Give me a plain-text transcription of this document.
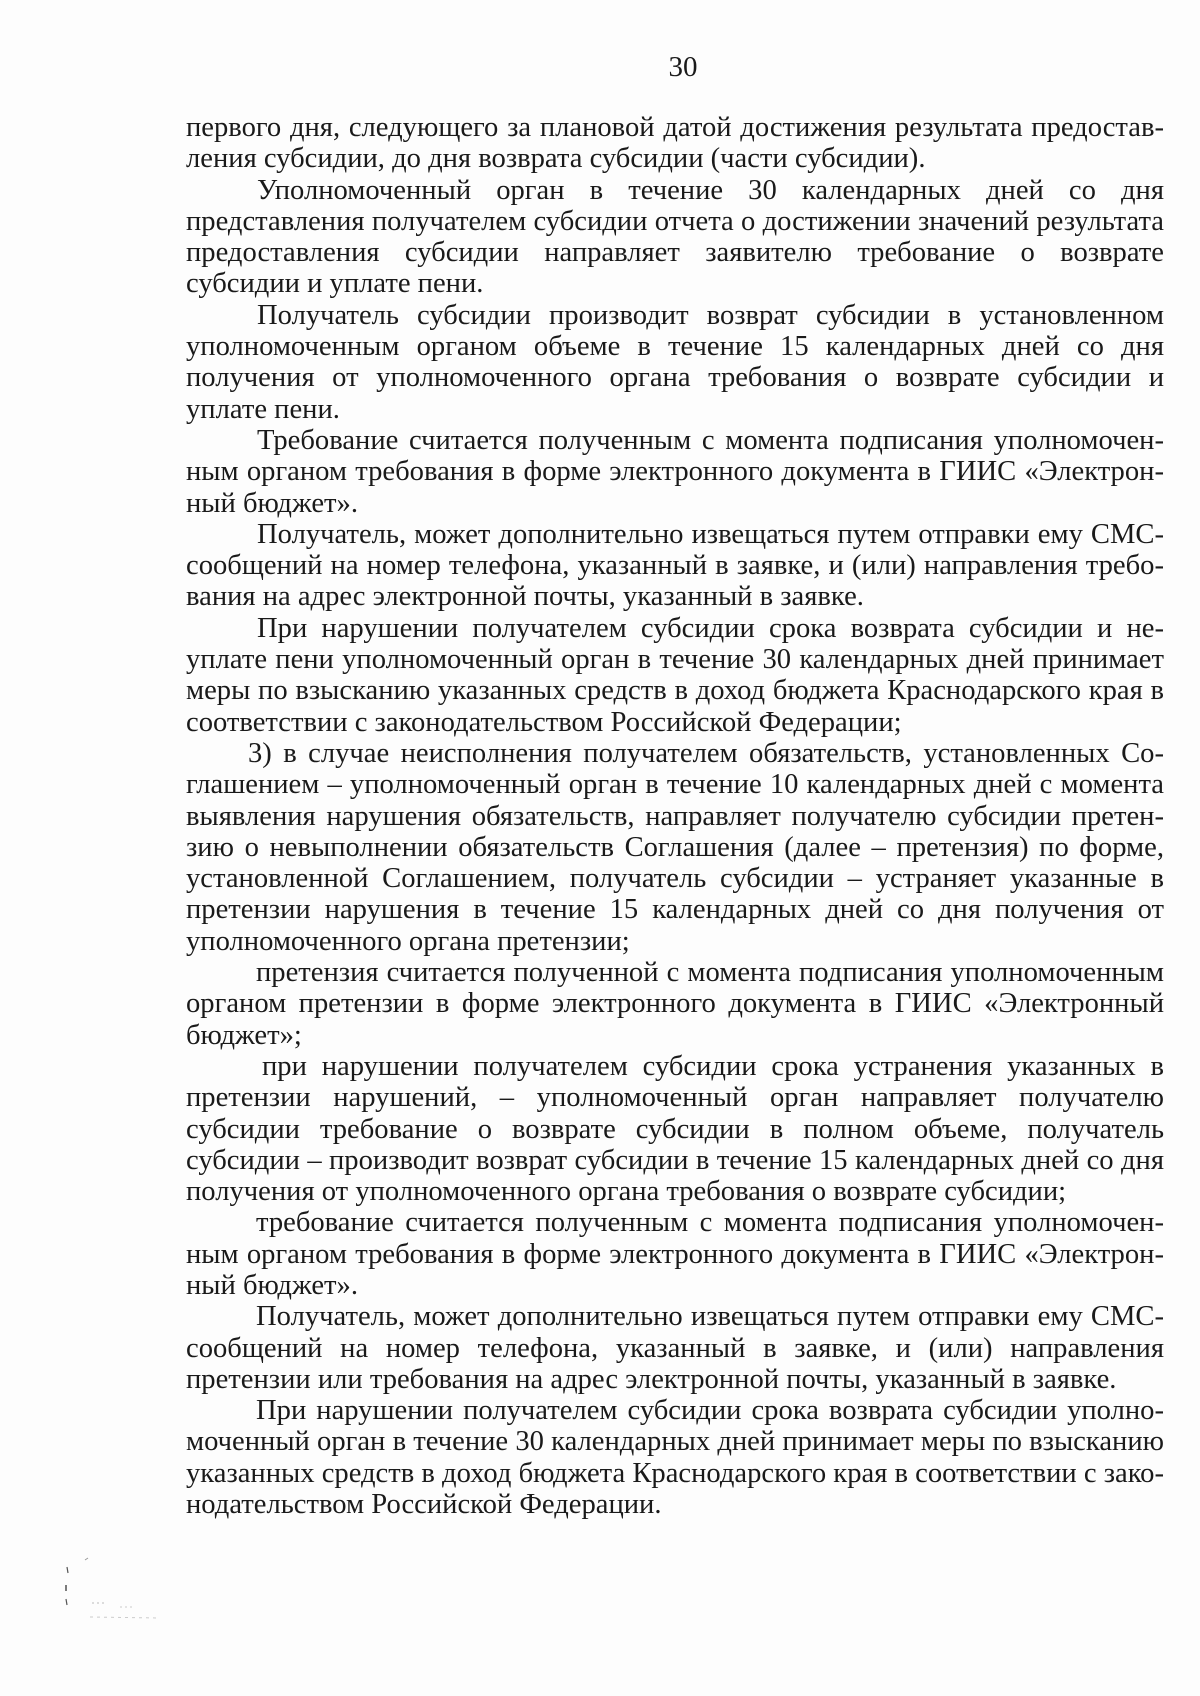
30

первого дня, следующего за плановой датой достижения результата предоставления субсидии, до дня возврата субсидии (части субсидии).

Уполномоченный орган в течение 30 календарных дней со дня представления получателем субсидии отчета о достижении значений результата предоставления субсидии направляет заявителю требование о возврате субсидии и уплате пени.

Получатель субсидии производит возврат субсидии в установленном уполномоченным органом объеме в течение 15 календарных дней со дня получения от уполномоченного органа требования о возврате субсидии и уплате пени.

Требование считается полученным с момента подписания уполномоченным органом требования в форме электронного документа в ГИИС «Электронный бюджет».

Получатель, может дополнительно извещаться путем отправки ему СМС-сообщений на номер телефона, указанный в заявке, и (или) направления требования на адрес электронной почты, указанный в заявке.

При нарушении получателем субсидии срока возврата субсидии и неуплате пени уполномоченный орган в течение 30 календарных дней принимает меры по взысканию указанных средств в доход бюджета Краснодарского края в соответствии с законодательством Российской Федерации;

3) в случае неисполнения получателем обязательств, установленных Соглашением – уполномоченный орган в течение 10 календарных дней с момента выявления нарушения обязательств, направляет получателю субсидии претензию о невыполнении обязательств Соглашения (далее – претензия) по форме, установленной Соглашением, получатель субсидии – устраняет указанные в претензии нарушения в течение 15 календарных дней со дня получения от уполномоченного органа претензии;

претензия считается полученной с момента подписания уполномоченным органом претензии в форме электронного документа в ГИИС «Электронный бюджет»;

при нарушении получателем субсидии срока устранения указанных в претензии нарушений, – уполномоченный орган направляет получателю субсидии требование о возврате субсидии в полном объеме, получатель субсидии – производит возврат субсидии в течение 15 календарных дней со дня получения от уполномоченного органа требования о возврате субсидии;

требование считается полученным с момента подписания уполномоченным органом требования в форме электронного документа в ГИИС «Электронный бюджет».

Получатель, может дополнительно извещаться путем отправки ему СМС-сообщений на номер телефона, указанный в заявке, и (или) направления претензии или требования на адрес электронной почты, указанный в заявке.

При нарушении получателем субсидии срока возврата субсидии уполномоченный орган в течение 30 календарных дней принимает меры по взысканию указанных средств в доход бюджета Краснодарского края в соответствии с законодательством Российской Федерации.
